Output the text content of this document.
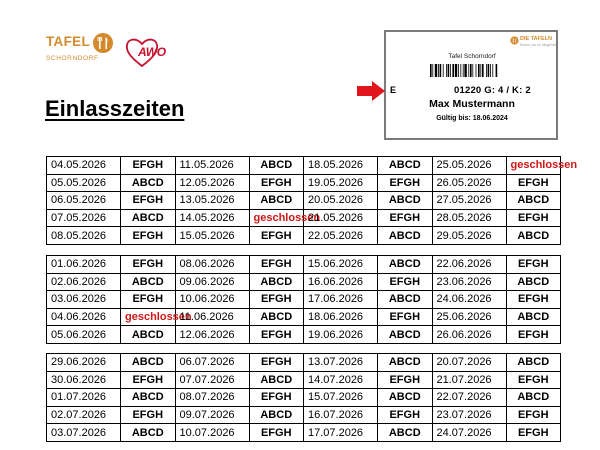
TAFEL
SCHORNDORF	AWO
Einlasszeiten
DIE TAFELN
Essen, wo es hingehört
Tafel Schorndorf
E	01220 G: 4 / K: 2
Max Mustermann
Gültig bis: 18.06.2024
04.05.2026	EFGH	11.05.2026	ABCD	18.05.2026	ABCD	25.05.2026	geschlossen
05.05.2026	ABCD	12.05.2026	EFGH	19.05.2026	EFGH	26.05.2026	EFGH
06.05.2026	EFGH	13.05.2026	ABCD	20.05.2026	ABCD	27.05.2026	ABCD
07.05.2026	ABCD	14.05.2026	geschlossen	21.05.2026	EFGH	28.05.2026	EFGH
08.05.2026	EFGH	15.05.2026	EFGH	22.05.2026	ABCD	29.05.2026	ABCD
01.06.2026	EFGH	08.06.2026	EFGH	15.06.2026	ABCD	22.06.2026	EFGH
02.06.2026	ABCD	09.06.2026	ABCD	16.06.2026	EFGH	23.06.2026	ABCD
03.06.2026	EFGH	10.06.2026	EFGH	17.06.2026	ABCD	24.06.2026	EFGH
04.06.2026	geschlossen	11.06.2026	ABCD	18.06.2026	EFGH	25.06.2026	ABCD
05.06.2026	ABCD	12.06.2026	EFGH	19.06.2026	ABCD	26.06.2026	EFGH
29.06.2026	ABCD	06.07.2026	EFGH	13.07.2026	ABCD	20.07.2026	ABCD
30.06.2026	EFGH	07.07.2026	ABCD	14.07.2026	EFGH	21.07.2026	EFGH
01.07.2026	ABCD	08.07.2026	EFGH	15.07.2026	ABCD	22.07.2026	ABCD
02.07.2026	EFGH	09.07.2026	ABCD	16.07.2026	EFGH	23.07.2026	EFGH
03.07.2026	ABCD	10.07.2026	EFGH	17.07.2026	ABCD	24.07.2026	EFGH
